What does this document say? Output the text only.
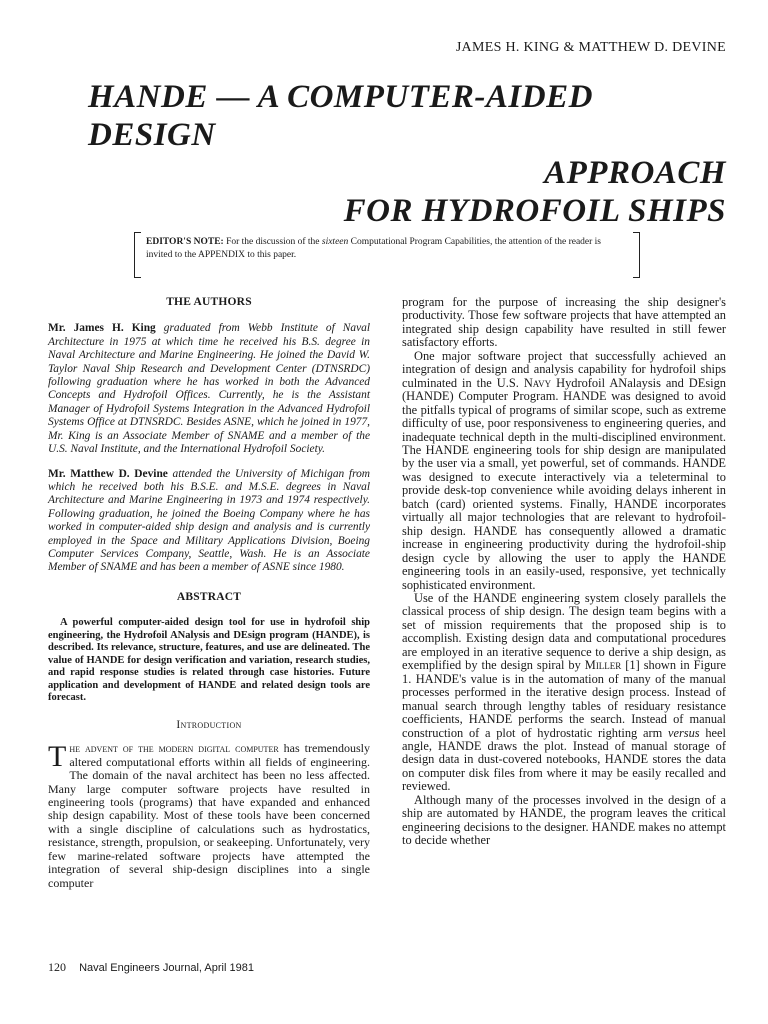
JAMES H. KING & MATTHEW D. DEVINE
HANDE — A COMPUTER-AIDED DESIGN
APPROACH
FOR HYDROFOIL SHIPS
EDITOR'S NOTE: For the discussion of the sixteen Computational Program Capabilities, the attention of the reader is invited to the APPENDIX to this paper.
THE AUTHORS

Mr. James H. King graduated from Webb Institute of Naval Architecture in 1975 at which time he received his B.S. degree in Naval Architecture and Marine Engineering. He joined the David W. Taylor Naval Ship Research and Development Center (DTNSRDC) following graduation where he has worked in both the Advanced Concepts and Hydrofoil Offices. Currently, he is the Assistant Manager of Hydrofoil Systems Integration in the Advanced Hydrofoil Systems Office at DTNSRDC. Besides ASNE, which he joined in 1977, Mr. King is an Associate Member of SNAME and a member of the U.S. Naval Institute, and the International Hydrofoil Society.

Mr. Matthew D. Devine attended the University of Michigan from which he received both his B.S.E. and M.S.E. degrees in Naval Architecture and Marine Engineering in 1973 and 1974 respectively. Following graduation, he joined the Boeing Company where he has worked in computer-aided ship design and analysis and is currently employed in the Space and Military Applications Division, Boeing Computer Services Company, Seattle, Wash. He is an Associate Member of SNAME and has been a member of ASNE since 1980.

ABSTRACT

A powerful computer-aided design tool for use in hydrofoil ship engineering, the Hydrofoil ANalysis and DEsign program (HANDE), is described. Its relevance, structure, features, and use are delineated. The value of HANDE for design verification and variation, research studies, and rapid response studies is related through case histories. Future application and development of HANDE and related design tools are forecast.

Introduction

The advent of the modern digital computer has tremendously altered computational efforts within all fields of engineering. The domain of the naval architect has been no less affected. Many large computer software projects have resulted in engineering tools (programs) that have expanded and enhanced ship design capability. Most of these tools have been concerned with a single discipline of calculations such as hydrostatics, resistance, strength, propulsion, or seakeeping. Unfortunately, very few marine-related software projects have attempted the integration of several ship-design disciplines into a single computer

program for the purpose of increasing the ship designer's productivity. Those few software projects that have attempted an integrated ship design capability have resulted in still fewer satisfactory efforts.

One major software project that successfully achieved an integration of design and analysis capability for hydrofoil ships culminated in the U.S. Navy Hydrofoil ANalaysis and DEsign (HANDE) Computer Program. HANDE was designed to avoid the pitfalls typical of programs of similar scope, such as extreme difficulty of use, poor responsiveness to engineering queries, and inadequate technical depth in the multi-disciplined environment. The HANDE engineering tools for ship design are manipulated by the user via a small, yet powerful, set of commands. HANDE was designed to execute interactively via a teleterminal to provide desk-top convenience while avoiding delays inherent in batch (card) oriented systems. Finally, HANDE incorporates virtually all major technologies that are relevant to hydrofoil-ship design. HANDE has consequently allowed a dramatic increase in engineering productivity during the hydrofoil-ship design cycle by allowing the user to apply the HANDE engineering tools in an easily-used, responsive, yet technically sophisticated environment.

Use of the HANDE engineering system closely parallels the classical process of ship design. The design team begins with a set of mission requirements that the proposed ship is to accomplish. Existing design data and computational procedures are employed in an iterative sequence to derive a ship design, as exemplified by the design spiral by Miller [1] shown in Figure 1. HANDE's value is in the automation of many of the manual processes performed in the iterative design process. Instead of manual search through lengthy tables of residuary resistance coefficients, HANDE performs the search. Instead of manual construction of a plot of hydrostatic righting arm versus heel angle, HANDE draws the plot. Instead of manual storage of design data in dust-covered notebooks, HANDE stores the data on computer disk files from where it may be easily recalled and reviewed.

Although many of the processes involved in the design of a ship are automated by HANDE, the program leaves the critical engineering decisions to the designer. HANDE makes no attempt to decide whether

120 Naval Engineers Journal, April 1981
